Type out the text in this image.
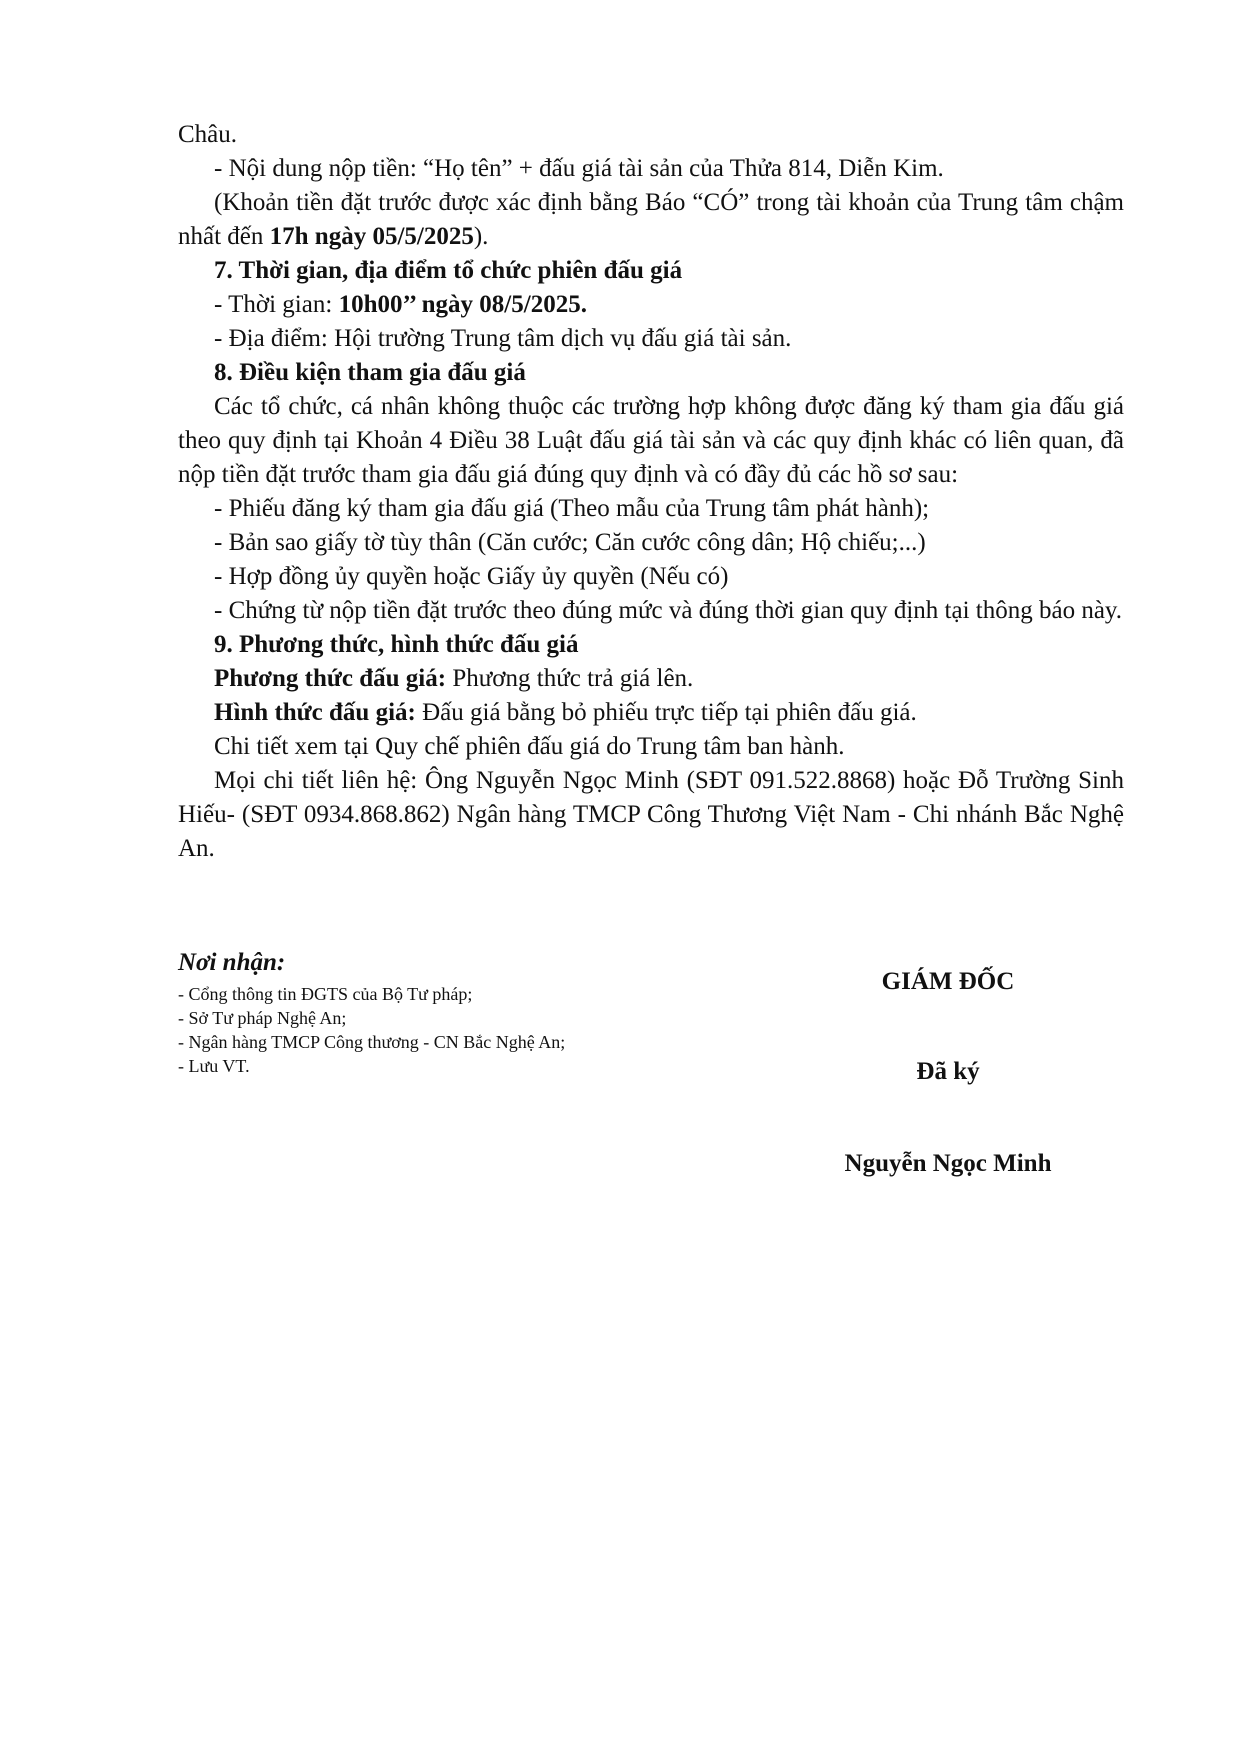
Châu.

- Nội dung nộp tiền: “Họ tên” + đấu giá tài sản của Thửa 814, Diễn Kim.

(Khoản tiền đặt trước được xác định bằng Báo “CÓ” trong tài khoản của Trung tâm chậm nhất đến 17h ngày 05/5/2025).

7. Thời gian, địa điểm tổ chức phiên đấu giá

- Thời gian: 10h00’’ ngày 08/5/2025.

- Địa điểm: Hội trường Trung tâm dịch vụ đấu giá tài sản.

8. Điều kiện tham gia đấu giá

Các tổ chức, cá nhân không thuộc các trường hợp không được đăng ký tham gia đấu giá theo quy định tại Khoản 4 Điều 38 Luật đấu giá tài sản và các quy định khác có liên quan, đã nộp tiền đặt trước tham gia đấu giá đúng quy định và có đầy đủ các hồ sơ sau:

- Phiếu đăng ký tham gia đấu giá (Theo mẫu của Trung tâm phát hành);

- Bản sao giấy tờ tùy thân (Căn cước; Căn cước công dân; Hộ chiếu;...)

- Hợp đồng ủy quyền hoặc Giấy ủy quyền (Nếu có)

- Chứng từ nộp tiền đặt trước theo đúng mức và đúng thời gian quy định tại thông báo này.

9. Phương thức, hình thức đấu giá

Phương thức đấu giá: Phương thức trả giá lên.

Hình thức đấu giá: Đấu giá bằng bỏ phiếu trực tiếp tại phiên đấu giá.

Chi tiết xem tại Quy chế phiên đấu giá do Trung tâm ban hành.

Mọi chi tiết liên hệ: Ông Nguyễn Ngọc Minh (SĐT 091.522.8868) hoặc Đỗ Trường Sinh Hiếu- (SĐT 0934.868.862) Ngân hàng TMCP Công Thương Việt Nam - Chi nhánh Bắc Nghệ An.

Nơi nhận:

- Cổng thông tin ĐGTS của Bộ Tư pháp;
- Sở Tư pháp Nghệ An;
- Ngân hàng TMCP Công thương - CN Bắc Nghệ An;
- Lưu VT.
GIÁM ĐỐC
Đã ký
Nguyễn Ngọc Minh
